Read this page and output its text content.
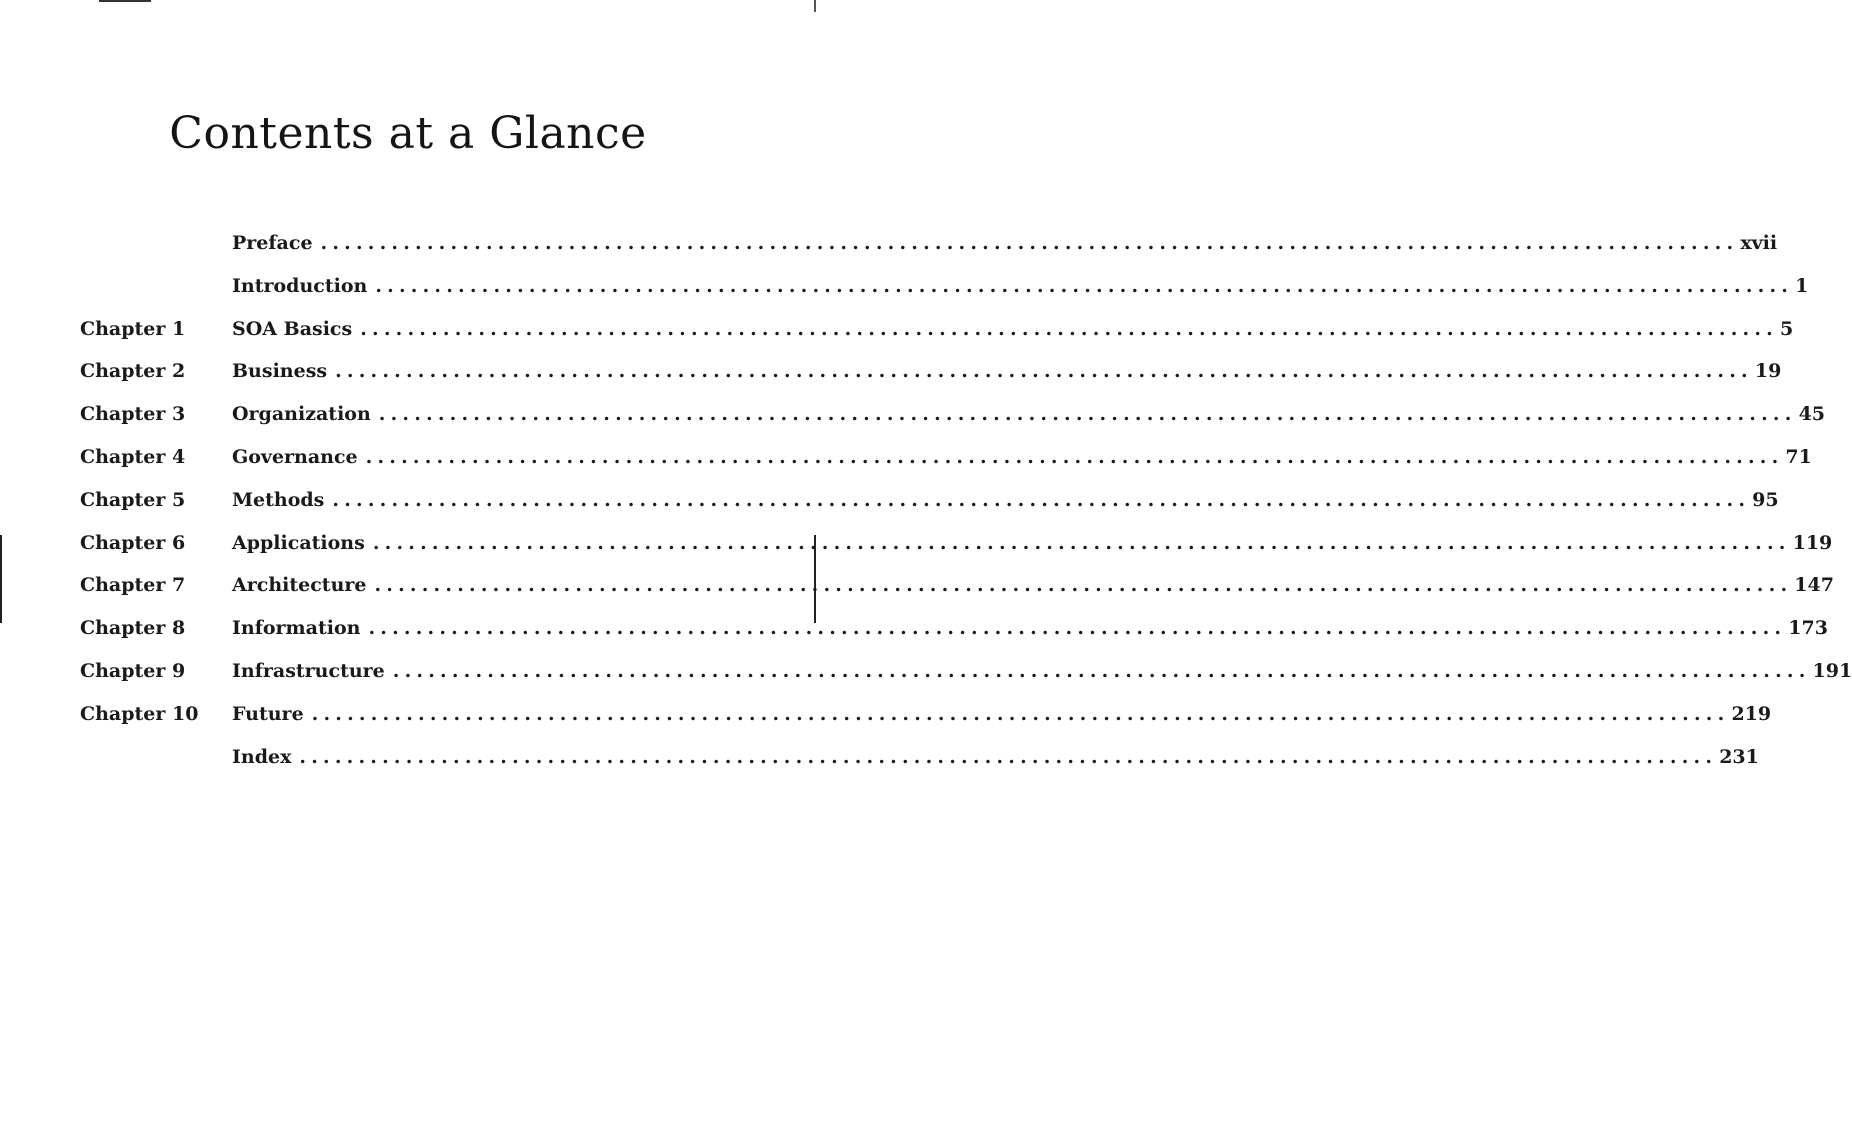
Contents at a Glance
Preface ........................................................................................................................ xvii
Introduction ........................................................................................................................ 1
Chapter 1 SOA Basics ........................................................................................................................ 5
Chapter 2 Business ........................................................................................................................ 19
Chapter 3 Organization ........................................................................................................................ 45
Chapter 4 Governance ........................................................................................................................ 71
Chapter 5 Methods ........................................................................................................................ 95
Chapter 6 Applications ........................................................................................................................ 119
Chapter 7 Architecture ........................................................................................................................ 147
Chapter 8 Information ........................................................................................................................ 173
Chapter 9 Infrastructure ........................................................................................................................ 191
Chapter 10 Future ........................................................................................................................ 219
Index ........................................................................................................................ 231
